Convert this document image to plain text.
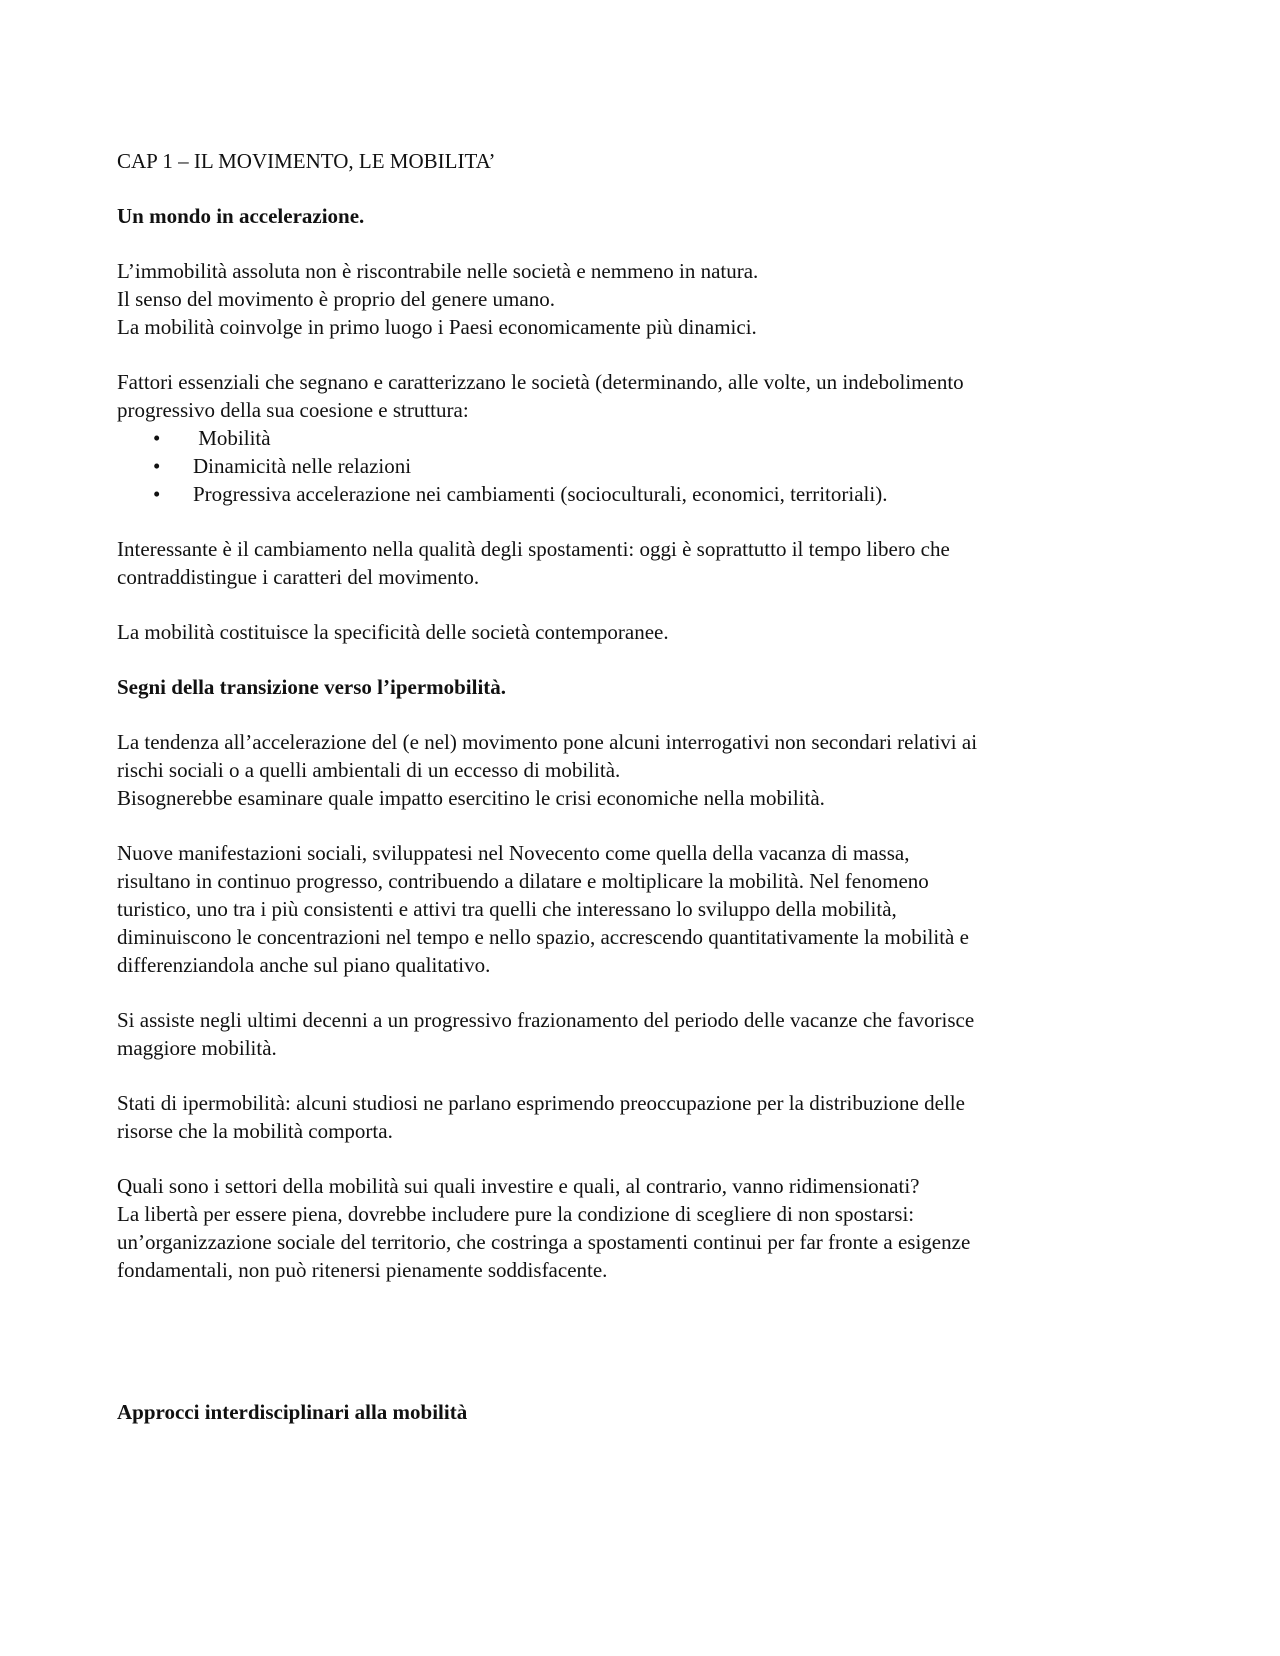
CAP 1 – IL MOVIMENTO, LE MOBILITA’

Un mondo in accelerazione.

L’immobilità assoluta non è riscontrabile nelle società e nemmeno in natura.
Il senso del movimento è proprio del genere umano.
La mobilità coinvolge in primo luogo i Paesi economicamente più dinamici.

Fattori essenziali che segnano e caratterizzano le società (determinando, alle volte, un indebolimento
progressivo della sua coesione e struttura:

• Mobilità
• Dinamicità nelle relazioni
• Progressiva accelerazione nei cambiamenti (socioculturali, economici, territoriali).

Interessante è il cambiamento nella qualità degli spostamenti: oggi è soprattutto il tempo libero che
contraddistingue i caratteri del movimento.

La mobilità costituisce la specificità delle società contemporanee.

Segni della transizione verso l’ipermobilità.

La tendenza all’accelerazione del (e nel) movimento pone alcuni interrogativi non secondari relativi ai
rischi sociali o a quelli ambientali di un eccesso di mobilità.
Bisognerebbe esaminare quale impatto esercitino le crisi economiche nella mobilità.

Nuove manifestazioni sociali, sviluppatesi nel Novecento come quella della vacanza di massa,
risultano in continuo progresso, contribuendo a dilatare e moltiplicare la mobilità. Nel fenomeno
turistico, uno tra i più consistenti e attivi tra quelli che interessano lo sviluppo della mobilità,
diminuiscono le concentrazioni nel tempo e nello spazio, accrescendo quantitativamente la mobilità e
differenziandola anche sul piano qualitativo.

Si assiste negli ultimi decenni a un progressivo frazionamento del periodo delle vacanze che favorisce
maggiore mobilità.

Stati di ipermobilità: alcuni studiosi ne parlano esprimendo preoccupazione per la distribuzione delle
risorse che la mobilità comporta.

Quali sono i settori della mobilità sui quali investire e quali, al contrario, vanno ridimensionati?
La libertà per essere piena, dovrebbe includere pure la condizione di scegliere di non spostarsi:
un’organizzazione sociale del territorio, che costringa a spostamenti continui per far fronte a esigenze
fondamentali, non può ritenersi pienamente soddisfacente.

Approcci interdisciplinari alla mobilità
